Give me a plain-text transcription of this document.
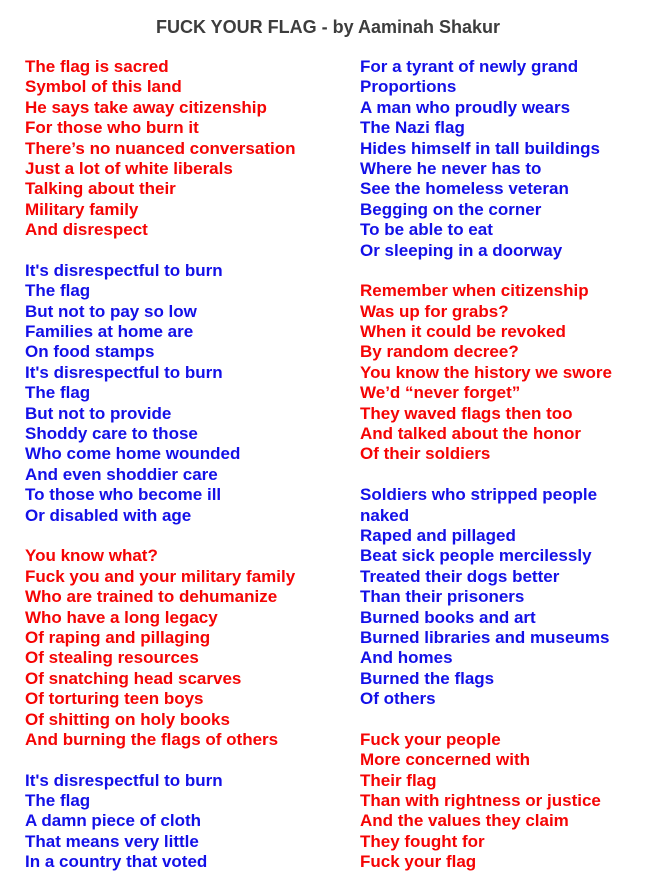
FUCK YOUR FLAG - by Aaminah Shakur
The flag is sacred
Symbol of this land
He says take away citizenship
For those who burn it
There’s no nuanced conversation
Just a lot of white liberals
Talking about their
Military family
And disrespect
It's disrespectful to burn
The flag
But not to pay so low
Families at home are
On food stamps
It's disrespectful to burn
The flag
But not to provide
Shoddy care to those
Who come home wounded
And even shoddier care
To those who become ill
Or disabled with age
You know what?
Fuck you and your military family
Who are trained to dehumanize
Who have a long legacy
Of raping and pillaging
Of stealing resources
Of snatching head scarves
Of torturing teen boys
Of shitting on holy books
And burning the flags of others
It's disrespectful to burn
The flag
A damn piece of cloth
That means very little
In a country that voted
For a tyrant of newly grand
Proportions
A man who proudly wears
The Nazi flag
Hides himself in tall buildings
Where he never has to
See the homeless veteran
Begging on the corner
To be able to eat
Or sleeping in a doorway
Remember when citizenship
Was up for grabs?
When it could be revoked
By random decree?
You know the history we swore
We’d “never forget”
They waved flags then too
And talked about the honor
Of their soldiers
Soldiers who stripped people
naked
Raped and pillaged
Beat sick people mercilessly
Treated their dogs better
Than their prisoners
Burned books and art
Burned libraries and museums
And homes
Burned the flags
Of others
Fuck your people
More concerned with
Their flag
Than with rightness or justice
And the values they claim
They fought for
Fuck your flag
